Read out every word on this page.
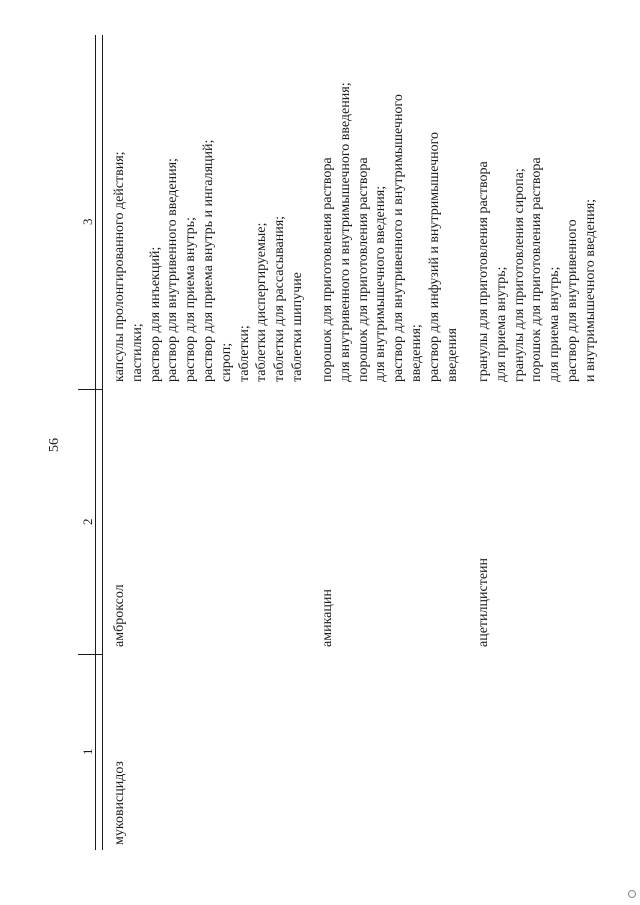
56
1
2
3
муковисцидоз
амброксол
капсулы пролонгированного действия; пастилки; раствор для инъекций; раствор для внутривенного введения; раствор для приема внутрь; раствор для приема внутрь и ингаляций; сироп; таблетки; таблетки диспергируемые; таблетки для рассасывания; таблетки шипучие
амикацин
порошок для приготовления раствора для внутривенного и внутримышечного введения; порошок для приготовления раствора для внутримышечного введения; раствор для внутривенного и внутримышечного введения; раствор для инфузий и внутримышечного введения
ацетилцистеин
гранулы для приготовления раствора для приема внутрь; гранулы для приготовления сиропа; порошок для приготовления раствора для приема внутрь; раствор для внутривенного и внутримышечного введения;
